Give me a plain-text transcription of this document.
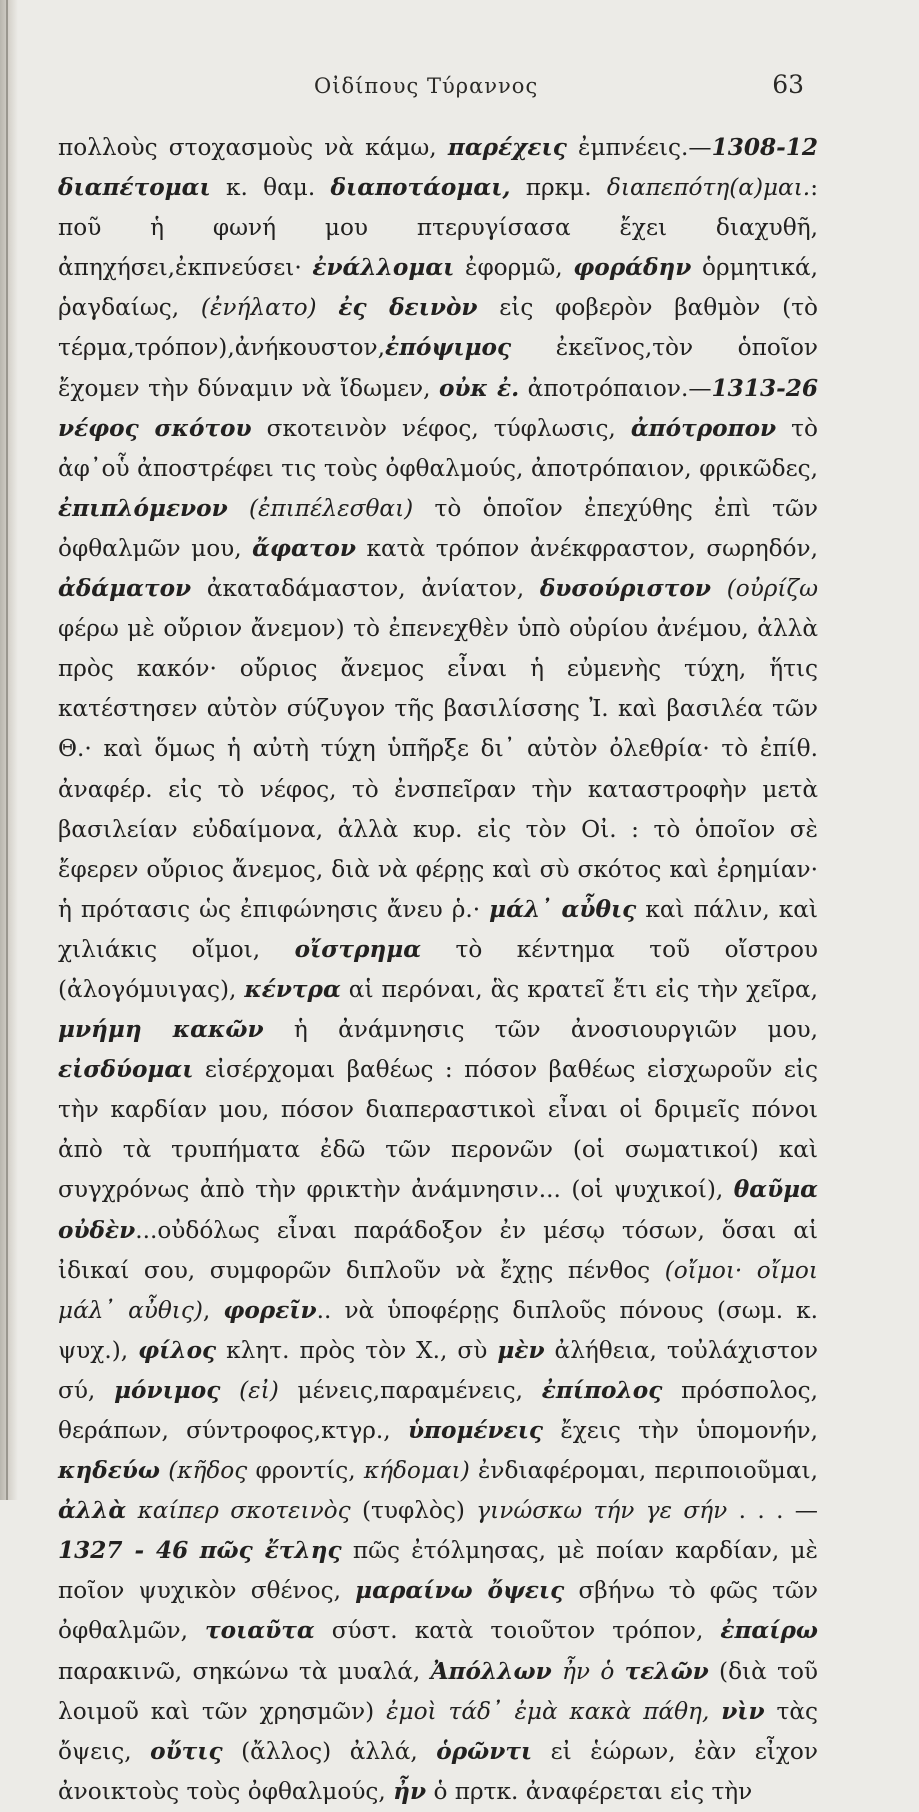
Οἰδίπους Τύραννος	63

πολλοὺς στοχασμοὺς νὰ κάμω, παρέχεις ἐμπνέεις.—1308-12 διαπέτομαι κ. θαμ. διαποτάομαι, πρκμ. διαπεπότη(α)μαι.: ποῦ ἡ φωνή μου πτερυγίσασα ἔχει διαχυθῆ, ἀπηχήσει,ἐκπνεύσει· ἐνάλλομαι ἐφορμῶ, φοράδην ὁρμητικά, ῥαγδαίως, (ἐνήλατο) ἐς δεινὸν εἰς φοβερὸν βαθμὸν (τὸ τέρμα,τρόπον),ἀνήκουστον,ἐπόψιμος ἐκεῖνος,τὸν ὁποῖον ἔχομεν τὴν δύναμιν νὰ ἴδωμεν, οὐκ ἐ. ἀποτρόπαιον.—1313-26 νέφος σκότου σκοτεινὸν νέφος, τύφλωσις, ἀπότροπον τὸ ἀφ᾽οὗ ἀποστρέφει τις τοὺς ὀφθαλμούς, ἀποτρόπαιον, φρικῶδες, ἐπιπλόμενον (ἐπιπέλεσθαι) τὸ ὁποῖον ἐπεχύθης ἐπὶ τῶν ὀφθαλμῶν μου, ἄφατον κατὰ τρόπον ἀνέκφραστον, σωρηδόν, ἀδάματον ἀκαταδάμαστον, ἀνίατον, δυσούριστον (οὐρίζω φέρω μὲ οὔριον ἄνεμον) τὸ ἐπενεχθὲν ὑπὸ οὐρίου ἀνέμου, ἀλλὰ πρὸς κακόν· οὔριος ἄνεμος εἶναι ἡ εὐμενὴς τύχη, ἥτις κατέστησεν αὐτὸν σύζυγον τῆς βασιλίσσης Ἰ. καὶ βασιλέα τῶν Θ.· καὶ ὅμως ἡ αὐτὴ τύχη ὑπῆρξε δι᾽ αὐτὸν ὀλεθρία· τὸ ἐπίθ. ἀναφέρ. εἰς τὸ νέφος, τὸ ἐνσπεῖραν τὴν καταστροφὴν μετὰ βασιλείαν εὐδαίμονα, ἀλλὰ κυρ. εἰς τὸν Οἰ. : τὸ ὁποῖον σὲ ἔφερεν οὔριος ἄνεμος, διὰ νὰ φέρῃς καὶ σὺ σκότος καὶ ἐρημίαν· ἡ πρότασις ὡς ἐπιφώνησις ἄνευ ῥ.· μάλ᾽ αὖθις καὶ πάλιν, καὶ χιλιάκις οἴμοι, οἴστρημα τὸ κέντημα τοῦ οἴστρου (ἀλογόμυιγας), κέντρα αἱ περόναι, ἃς κρατεῖ ἔτι εἰς τὴν χεῖρα, μνήμη κακῶν ἡ ἀνάμνησις τῶν ἀνοσιουργιῶν μου, εἰσδύομαι εἰσέρχομαι βαθέως : πόσον βαθέως εἰσχωροῦν εἰς τὴν καρδίαν μου, πόσον διαπεραστικοὶ εἶναι οἱ δριμεῖς πόνοι ἀπὸ τὰ τρυπήματα ἐδῶ τῶν περονῶν (οἱ σωματικοί) καὶ συγχρόνως ἀπὸ τὴν φρικτὴν ἀνάμνησιν... (οἱ ψυχικοί), θαῦμα οὐδὲν...οὐδόλως εἶναι παράδοξον ἐν μέσῳ τόσων, ὅσαι αἱ ἰδικαί σου, συμφορῶν διπλοῦν νὰ ἔχῃς πένθος (οἴμοι· οἴμοι μάλ᾽ αὖθις), φορεῖν.. νὰ ὑποφέρῃς διπλοῦς πόνους (σωμ. κ. ψυχ.), φίλος κλητ. πρὸς τὸν Χ., σὺ μὲν ἀλήθεια, τοὐλάχιστον σύ, μόνιμος (εἰ) μένεις,παραμένεις, ἐπίπολος πρόσπολος, θεράπων, σύντροφος,κτγρ., ὑπομένεις ἔχεις τὴν ὑπομονήν, κηδεύω (κῆδος φροντίς, κήδομαι) ἐνδιαφέρομαι, περιποιοῦμαι, ἀλλὰ καίπερ σκοτεινὸς (τυφλὸς) γινώσκω τήν γε σήν . . . — 1327 - 46 πῶς ἔτλης πῶς ἐτόλμησας, μὲ ποίαν καρδίαν, μὲ ποῖον ψυχικὸν σθένος, μαραίνω ὄψεις σβήνω τὸ φῶς τῶν ὀφθαλμῶν, τοιαῦτα σύστ. κατὰ τοιοῦτον τρόπον, ἐπαίρω παρακινῶ, σηκώνω τὰ μυαλά, Ἀπόλλων ἦν ὁ τελῶν (διὰ τοῦ λοιμοῦ καὶ τῶν χρησμῶν) ἐμοὶ τάδ᾽ ἐμὰ κακὰ πάθη, νὶν τὰς ὄψεις, οὔτις (ἄλλος) ἀλλά, ὁρῶντι εἰ ἑώρων, ἐὰν εἶχον ἀνοικτοὺς τοὺς ὀφθαλμούς, ἦν ὁ πρτκ. ἀναφέρεται εἰς τὴν
